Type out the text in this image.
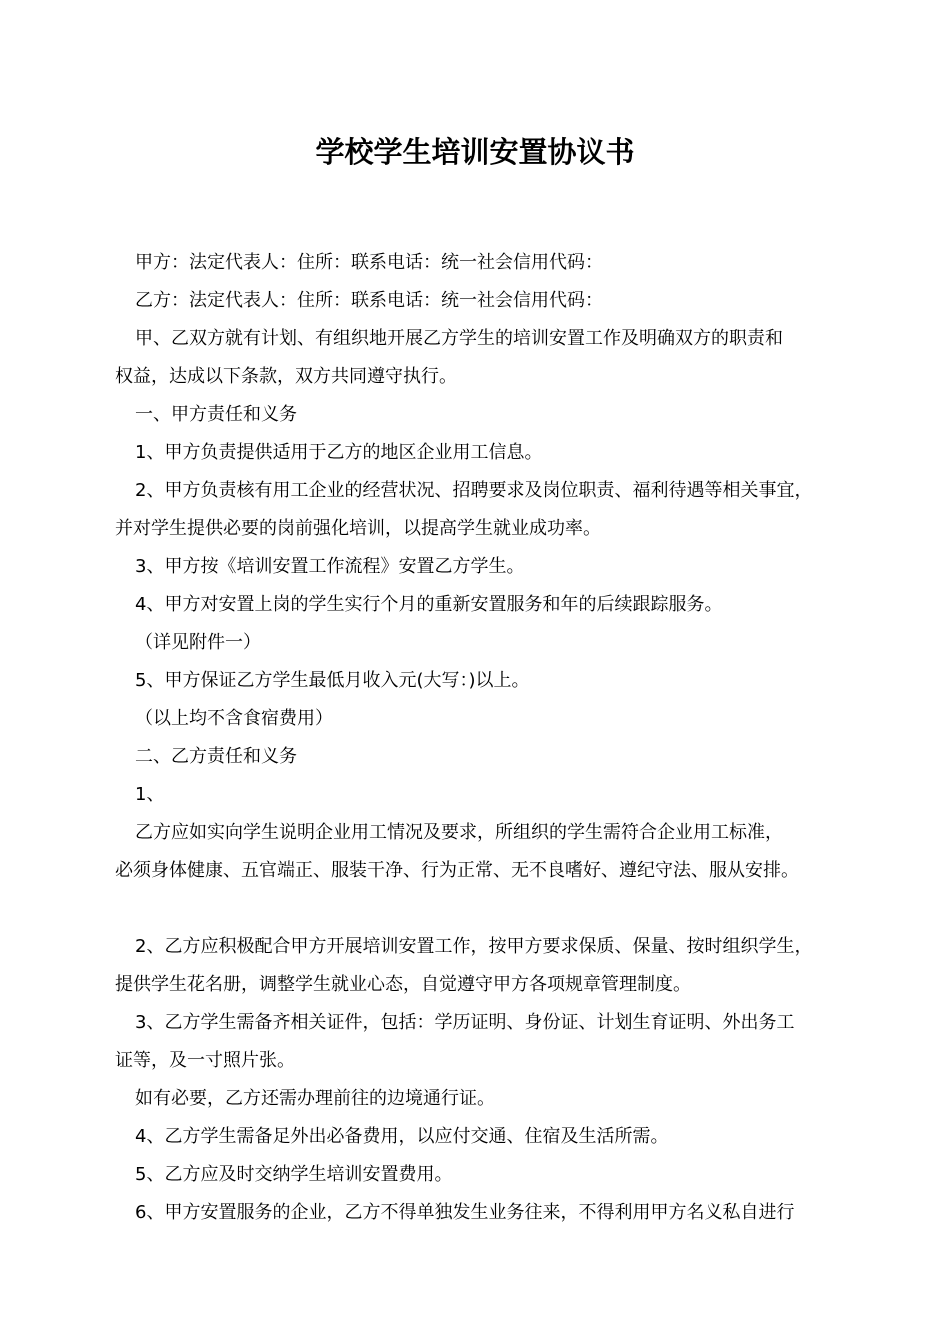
学校学生培训安置协议书

甲方：法定代表人：住所：联系电话：统一社会信用代码：

乙方：法定代表人：住所：联系电话：统一社会信用代码：

甲、乙双方就有计划、有组织地开展乙方学生的培训安置工作及明确双方的职责和

权益，达成以下条款，双方共同遵守执行。

一、甲方责任和义务

1、甲方负责提供适用于乙方的地区企业用工信息。

2、甲方负责核有用工企业的经营状况、招聘要求及岗位职责、福利待遇等相关事宜，

并对学生提供必要的岗前强化培训，以提高学生就业成功率。

3、甲方按《培训安置工作流程》安置乙方学生。

4、甲方对安置上岗的学生实行个月的重新安置服务和年的后续跟踪服务。

（详见附件一）

5、甲方保证乙方学生最低月收入元(大写：)以上。

（以上均不含食宿费用）

二、乙方责任和义务

1、

乙方应如实向学生说明企业用工情况及要求，所组织的学生需符合企业用工标准，

必须身体健康、五官端正、服装干净、行为正常、无不良嗜好、遵纪守法、服从安排。

2、乙方应积极配合甲方开展培训安置工作，按甲方要求保质、保量、按时组织学生，

提供学生花名册，调整学生就业心态，自觉遵守甲方各项规章管理制度。

3、乙方学生需备齐相关证件，包括：学历证明、身份证、计划生育证明、外出务工

证等，及一寸照片张。

如有必要，乙方还需办理前往的边境通行证。

4、乙方学生需备足外出必备费用，以应付交通、住宿及生活所需。

5、乙方应及时交纳学生培训安置费用。

6、甲方安置服务的企业，乙方不得单独发生业务往来，不得利用甲方名义私自进行
